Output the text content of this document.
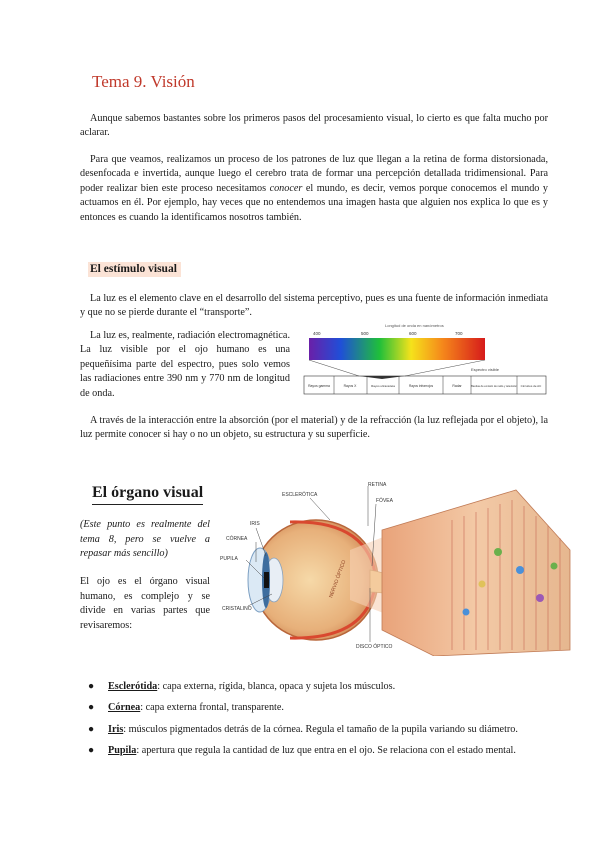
Tema 9. Visión

Aunque sabemos bastantes sobre los primeros pasos del procesamiento visual, lo cierto es que falta mucho por aclarar.

Para que veamos, realizamos un proceso de los patrones de luz que llegan a la retina de forma distorsionada, desenfocada e invertida, aunque luego el cerebro trata de formar una percepción detallada tridimensional. Para poder realizar bien este proceso necesitamos conocer el mundo, es decir, vemos porque conocemos el mundo y actuamos en él. Por ejemplo, hay veces que no entendemos una imagen hasta que alguien nos explica lo que es y entonces es cuando la identificamos nosotros también.

El estímulo visual

La luz es el elemento clave en el desarrollo del sistema perceptivo, pues es una fuente de información inmediata y que no se pierde durante el “transporte”.

La luz es, realmente, radiación electromagnética. La luz visible por el ojo humano es una pequeñísima parte del espectro, pues solo vemos las radiaciones entre 390 nm y 770 nm de longitud de onda.

Longitud de onda en nanómetros
400	500	600	700
Espectro visible
Rayos gamma	Rayos X	Rayos ultravioleta	Rayos infrarrojos	Radar	Bandas de emisión de radio y televisión Circuitos de AC

A través de la interacción entre la absorción (por el material) y de la refracción (la luz reflejada por el objeto), la luz permite conocer si hay o no un objeto, su estructura y su superficie.

El órgano visual
(Este punto es realmente del tema 8, pero se vuelve a repasar más sencillo)
El ojo es el órgano visual humano, es complejo y se divide en varias partes que revisaremos:
NERVIO ÓPTICO
ESCLERÓTICA
RETINA
FÓVEA
IRIS
CÓRNEA
PUPILA
CRISTALINO
DISCO ÓPTICO
● Esclerótida: capa externa, rígida, blanca, opaca y sujeta los músculos.
● Córnea: capa externa frontal, transparente.
● Iris: músculos pigmentados detrás de la córnea. Regula el tamaño de la pupila variando su diámetro.
● Pupila: apertura que regula la cantidad de luz que entra en el ojo. Se relaciona con el estado mental.
